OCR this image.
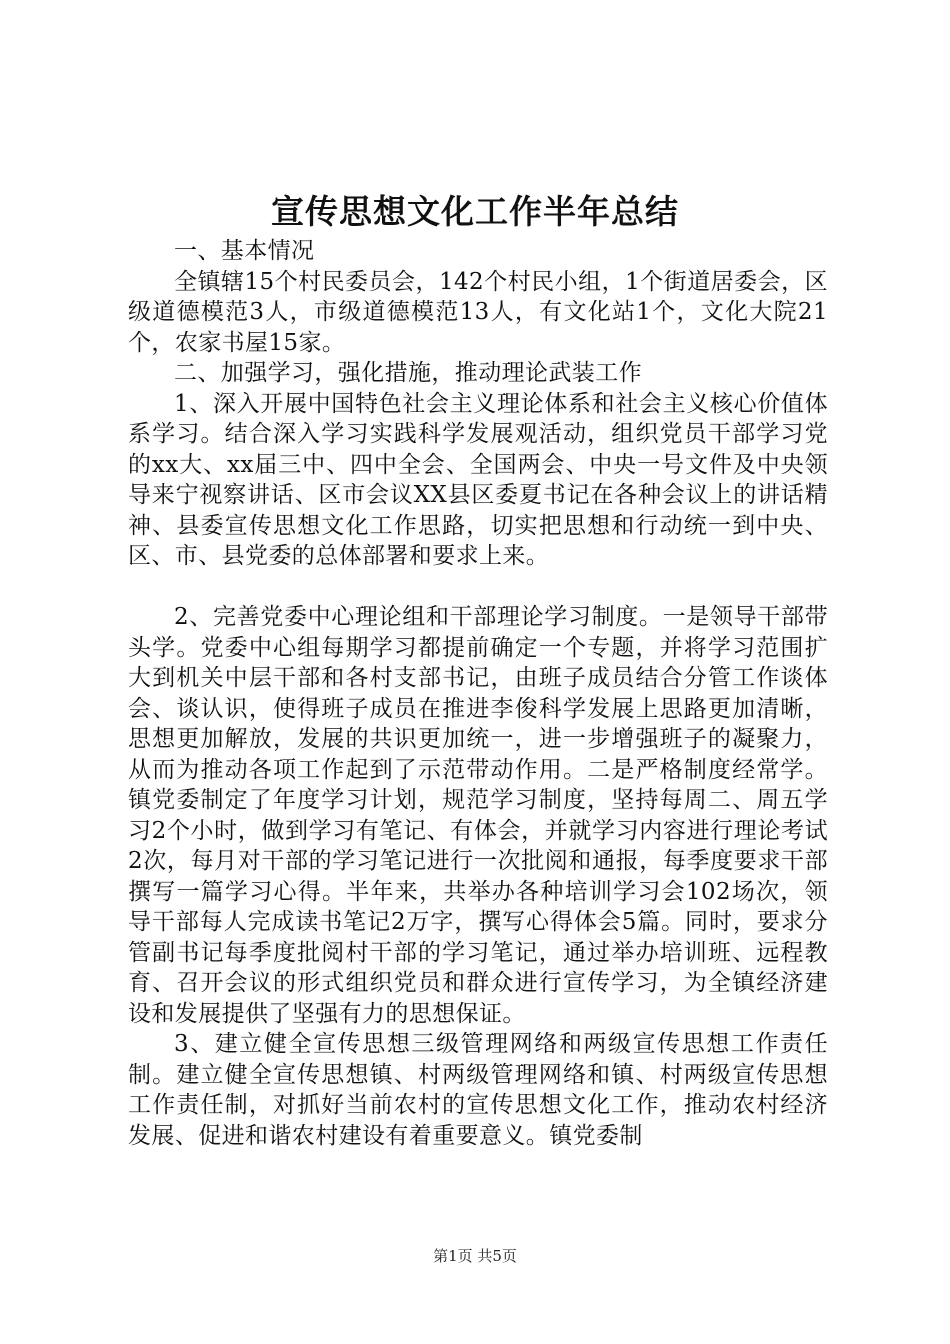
宣传思想文化工作半年总结

一、基本情况

全镇辖15个村民委员会，142个村民小组，1个街道居委会，区级道德模范3人，市级道德模范13人，有文化站1个，文化大院21个，农家书屋15家。

二、加强学习，强化措施，推动理论武装工作

1、深入开展中国特色社会主义理论体系和社会主义核心价值体系学习。结合深入学习实践科学发展观活动，组织党员干部学习党的xx大、xx届三中、四中全会、全国两会、中央一号文件及中央领导来宁视察讲话、区市会议XX县区委夏书记在各种会议上的讲话精神、县委宣传思想文化工作思路，切实把思想和行动统一到中央、区、市、县党委的总体部署和要求上来。

2、完善党委中心理论组和干部理论学习制度。一是领导干部带头学。党委中心组每期学习都提前确定一个专题，并将学习范围扩大到机关中层干部和各村支部书记，由班子成员结合分管工作谈体会、谈认识，使得班子成员在推进李俊科学发展上思路更加清晰，思想更加解放，发展的共识更加统一，进一步增强班子的凝聚力，从而为推动各项工作起到了示范带动作用。二是严格制度经常学。镇党委制定了年度学习计划，规范学习制度，坚持每周二、周五学习2个小时，做到学习有笔记、有体会，并就学习内容进行理论考试2次，每月对干部的学习笔记进行一次批阅和通报，每季度要求干部撰写一篇学习心得。半年来，共举办各种培训学习会102场次，领导干部每人完成读书笔记2万字，撰写心得体会5篇。同时，要求分管副书记每季度批阅村干部的学习笔记，通过举办培训班、远程教育、召开会议的形式组织党员和群众进行宣传学习，为全镇经济建设和发展提供了坚强有力的思想保证。

3、建立健全宣传思想三级管理网络和两级宣传思想工作责任制。建立健全宣传思想镇、村两级管理网络和镇、村两级宣传思想工作责任制，对抓好当前农村的宣传思想文化工作，推动农村经济发展、促进和谐农村建设有着重要意义。镇党委制

第1页 共5页
